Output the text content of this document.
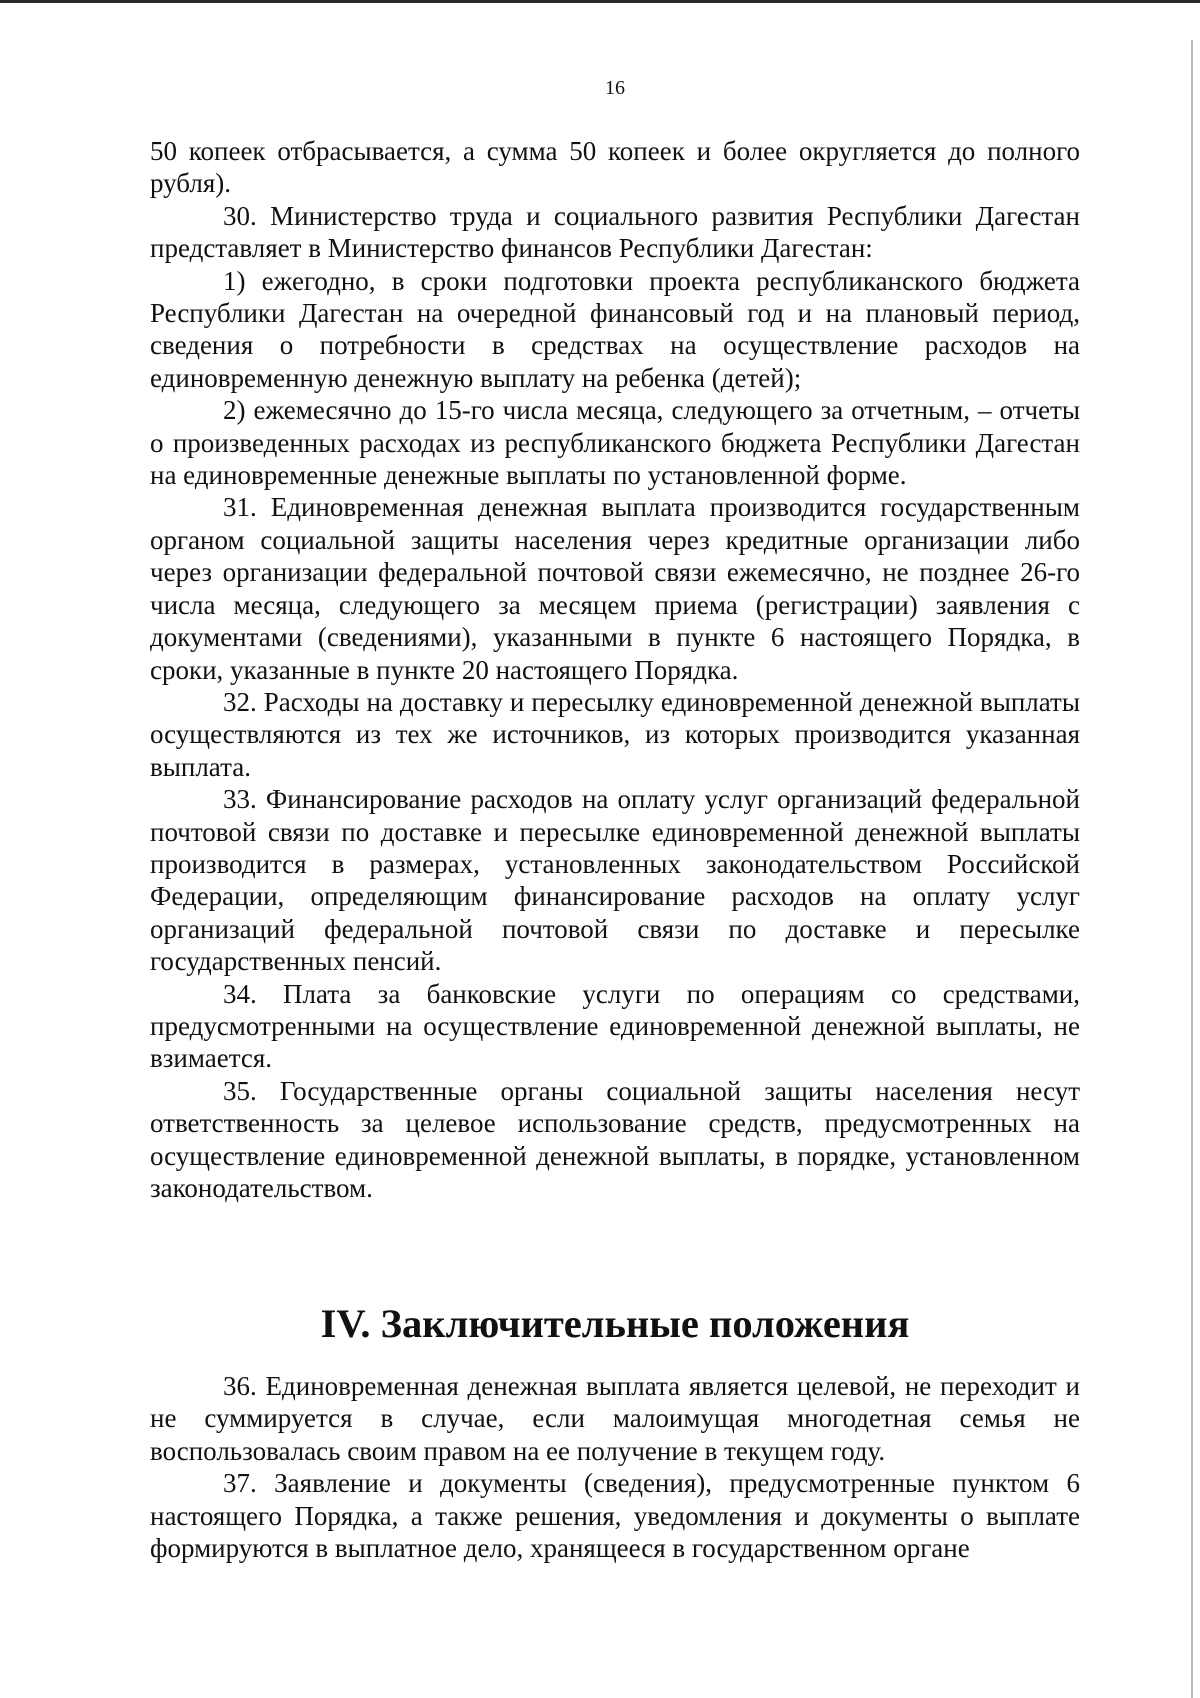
16

50 копеек отбрасывается, а сумма 50 копеек и более округляется до полного рубля).

30. Министерство труда и социального развития Республики Дагестан представляет в Министерство финансов Республики Дагестан:

1) ежегодно, в сроки подготовки проекта республиканского бюджета Республики Дагестан на очередной финансовый год и на плановый период, сведения о потребности в средствах на осуществление расходов на единовременную денежную выплату на ребенка (детей);

2) ежемесячно до 15-го числа месяца, следующего за отчетным, – отчеты о произведенных расходах из республиканского бюджета Республики Дагестан на единовременные денежные выплаты по установленной форме.

31. Единовременная денежная выплата производится государственным органом социальной защиты населения через кредитные организации либо через организации федеральной почтовой связи ежемесячно, не позднее 26-го числа месяца, следующего за месяцем приема (регистрации) заявления с документами (сведениями), указанными в пункте 6 настоящего Порядка, в сроки, указанные в пункте 20 настоящего Порядка.

32. Расходы на доставку и пересылку единовременной денежной выплаты осуществляются из тех же источников, из которых производится указанная выплата.

33. Финансирование расходов на оплату услуг организаций федеральной почтовой связи по доставке и пересылке единовременной денежной выплаты производится в размерах, установленных законодательством Российской Федерации, определяющим финансирование расходов на оплату услуг организаций федеральной почтовой связи по доставке и пересылке государственных пенсий.

34. Плата за банковские услуги по операциям со средствами, предусмотренными на осуществление единовременной денежной выплаты, не взимается.

35. Государственные органы социальной защиты населения несут ответственность за целевое использование средств, предусмотренных на осуществление единовременной денежной выплаты, в порядке, установленном законодательством.

IV. Заключительные положения

36. Единовременная денежная выплата является целевой, не переходит и не суммируется в случае, если малоимущая многодетная семья не воспользовалась своим правом на ее получение в текущем году.

37. Заявление и документы (сведения), предусмотренные пунктом 6 настоящего Порядка, а также решения, уведомления и документы о выплате формируются в выплатное дело, хранящееся в государственном органе
